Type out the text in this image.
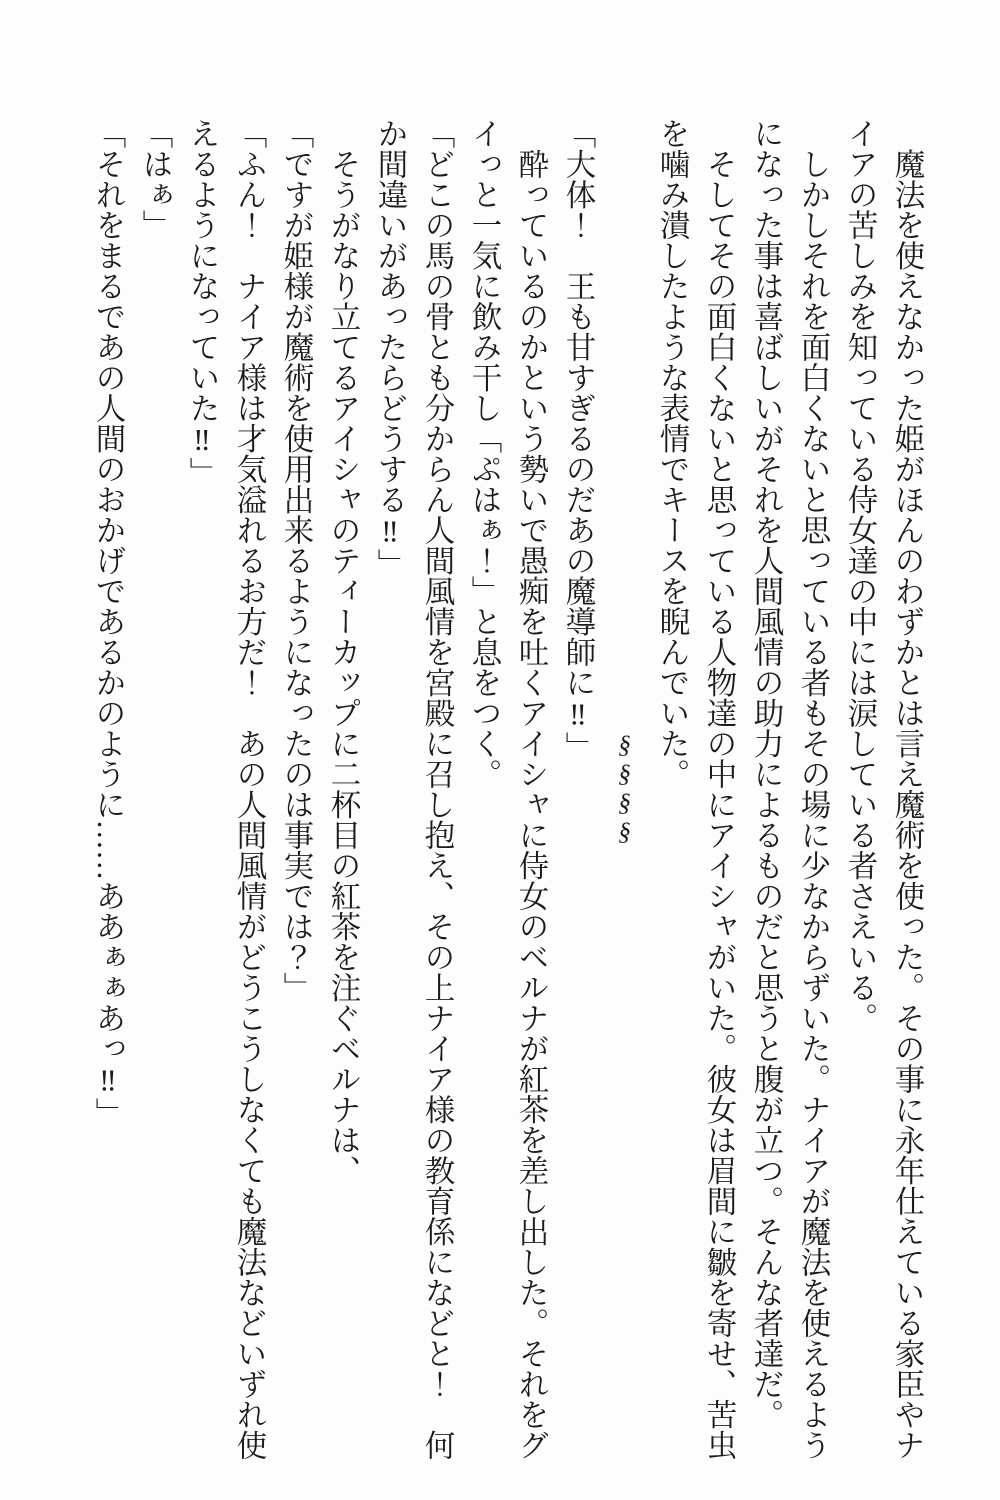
　魔法を使えなかった姫がほんのわずかとは言え魔術を使った。その事に永年仕えている家臣やナ
イアの苦しみを知っている侍女達の中には涙している者さえいる。
　しかしそれを面白くないと思っている者もその場に少なからずいた。ナイアが魔法を使えるよう
になった事は喜ばしいがそれを人間風情の助力によるものだと思うと腹が立つ。そんな者達だ。
　そしてその面白くないと思っている人物達の中にアイシャがいた。彼女は眉間に皺を寄せ、苦虫
を噛み潰したような表情でキースを睨んでいた。
§§§§
「大体！　王も甘すぎるのだあの魔導師に‼」
　酔っているのかという勢いで愚痴を吐くアイシャに侍女のベルナが紅茶を差し出した。それをグ
イっと一気に飲み干し「ぷはぁ！」と息をつく。
「どこの馬の骨とも分からん人間風情を宮殿に召し抱え、その上ナイア様の教育係になどと！　何
か間違いがあったらどうする‼」
　そうがなり立てるアイシャのティーカップに二杯目の紅茶を注ぐベルナは、
「ですが姫様が魔術を使用出来るようになったのは事実では？」
「ふん！　ナイア様は才気溢れるお方だ！　あの人間風情がどうこうしなくても魔法などいずれ使
えるようになっていた‼」
「はぁ」
「それをまるであの人間のおかげであるかのように……ああぁぁあっ‼」
